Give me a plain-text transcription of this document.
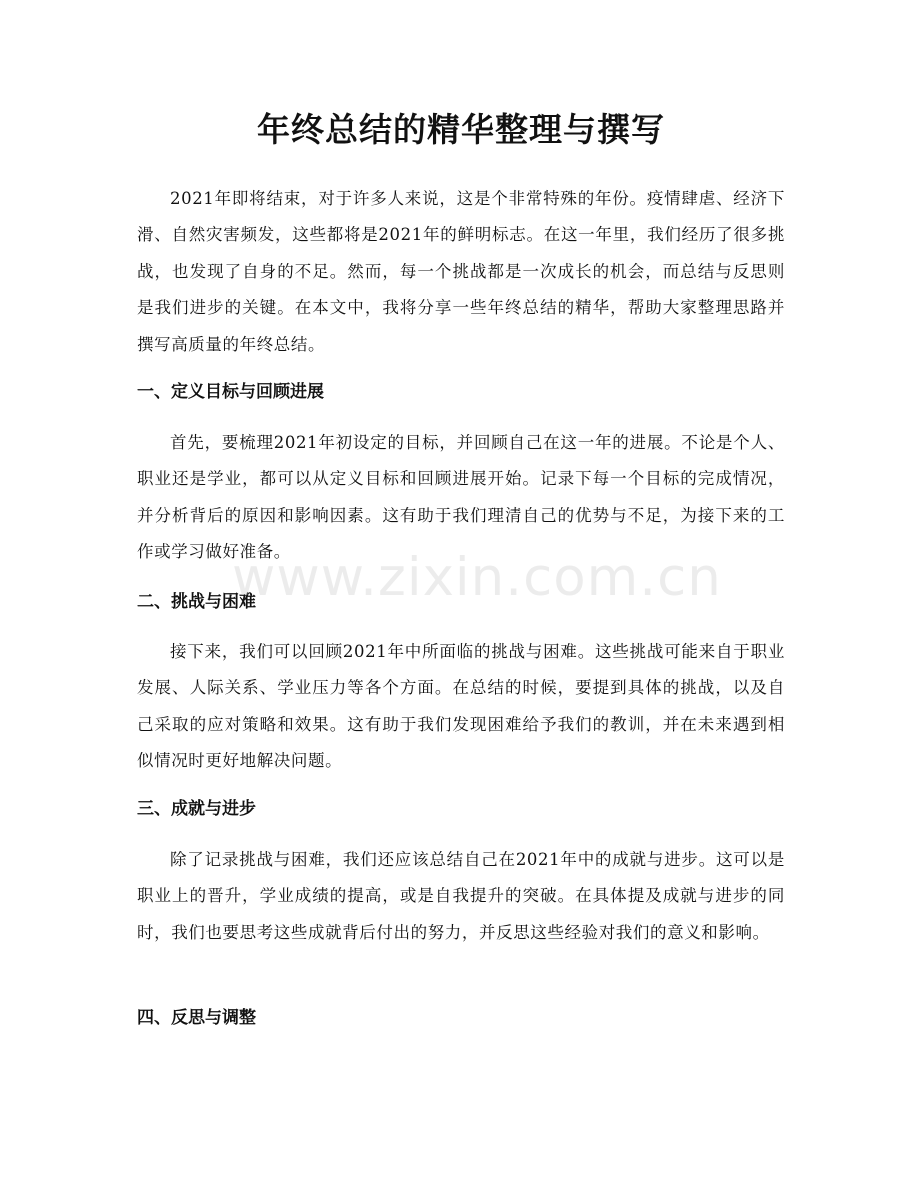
年终总结的精华整理与撰写

2021年即将结束，对于许多人来说，这是个非常特殊的年份。疫情肆虐、经济下滑、自然灾害频发，这些都将是2021年的鲜明标志。在这一年里，我们经历了很多挑战，也发现了自身的不足。然而，每一个挑战都是一次成长的机会，而总结与反思则是我们进步的关键。在本文中，我将分享一些年终总结的精华，帮助大家整理思路并撰写高质量的年终总结。

一、定义目标与回顾进展

首先，要梳理2021年初设定的目标，并回顾自己在这一年的进展。不论是个人、职业还是学业，都可以从定义目标和回顾进展开始。记录下每一个目标的完成情况，并分析背后的原因和影响因素。这有助于我们理清自己的优势与不足，为接下来的工作或学习做好准备。

二、挑战与困难

接下来，我们可以回顾2021年中所面临的挑战与困难。这些挑战可能来自于职业发展、人际关系、学业压力等各个方面。在总结的时候，要提到具体的挑战，以及自己采取的应对策略和效果。这有助于我们发现困难给予我们的教训，并在未来遇到相似情况时更好地解决问题。

三、成就与进步

除了记录挑战与困难，我们还应该总结自己在2021年中的成就与进步。这可以是职业上的晋升，学业成绩的提高，或是自我提升的突破。在具体提及成就与进步的同时，我们也要思考这些成就背后付出的努力，并反思这些经验对我们的意义和影响。

四、反思与调整
www.zixin.com.cn
